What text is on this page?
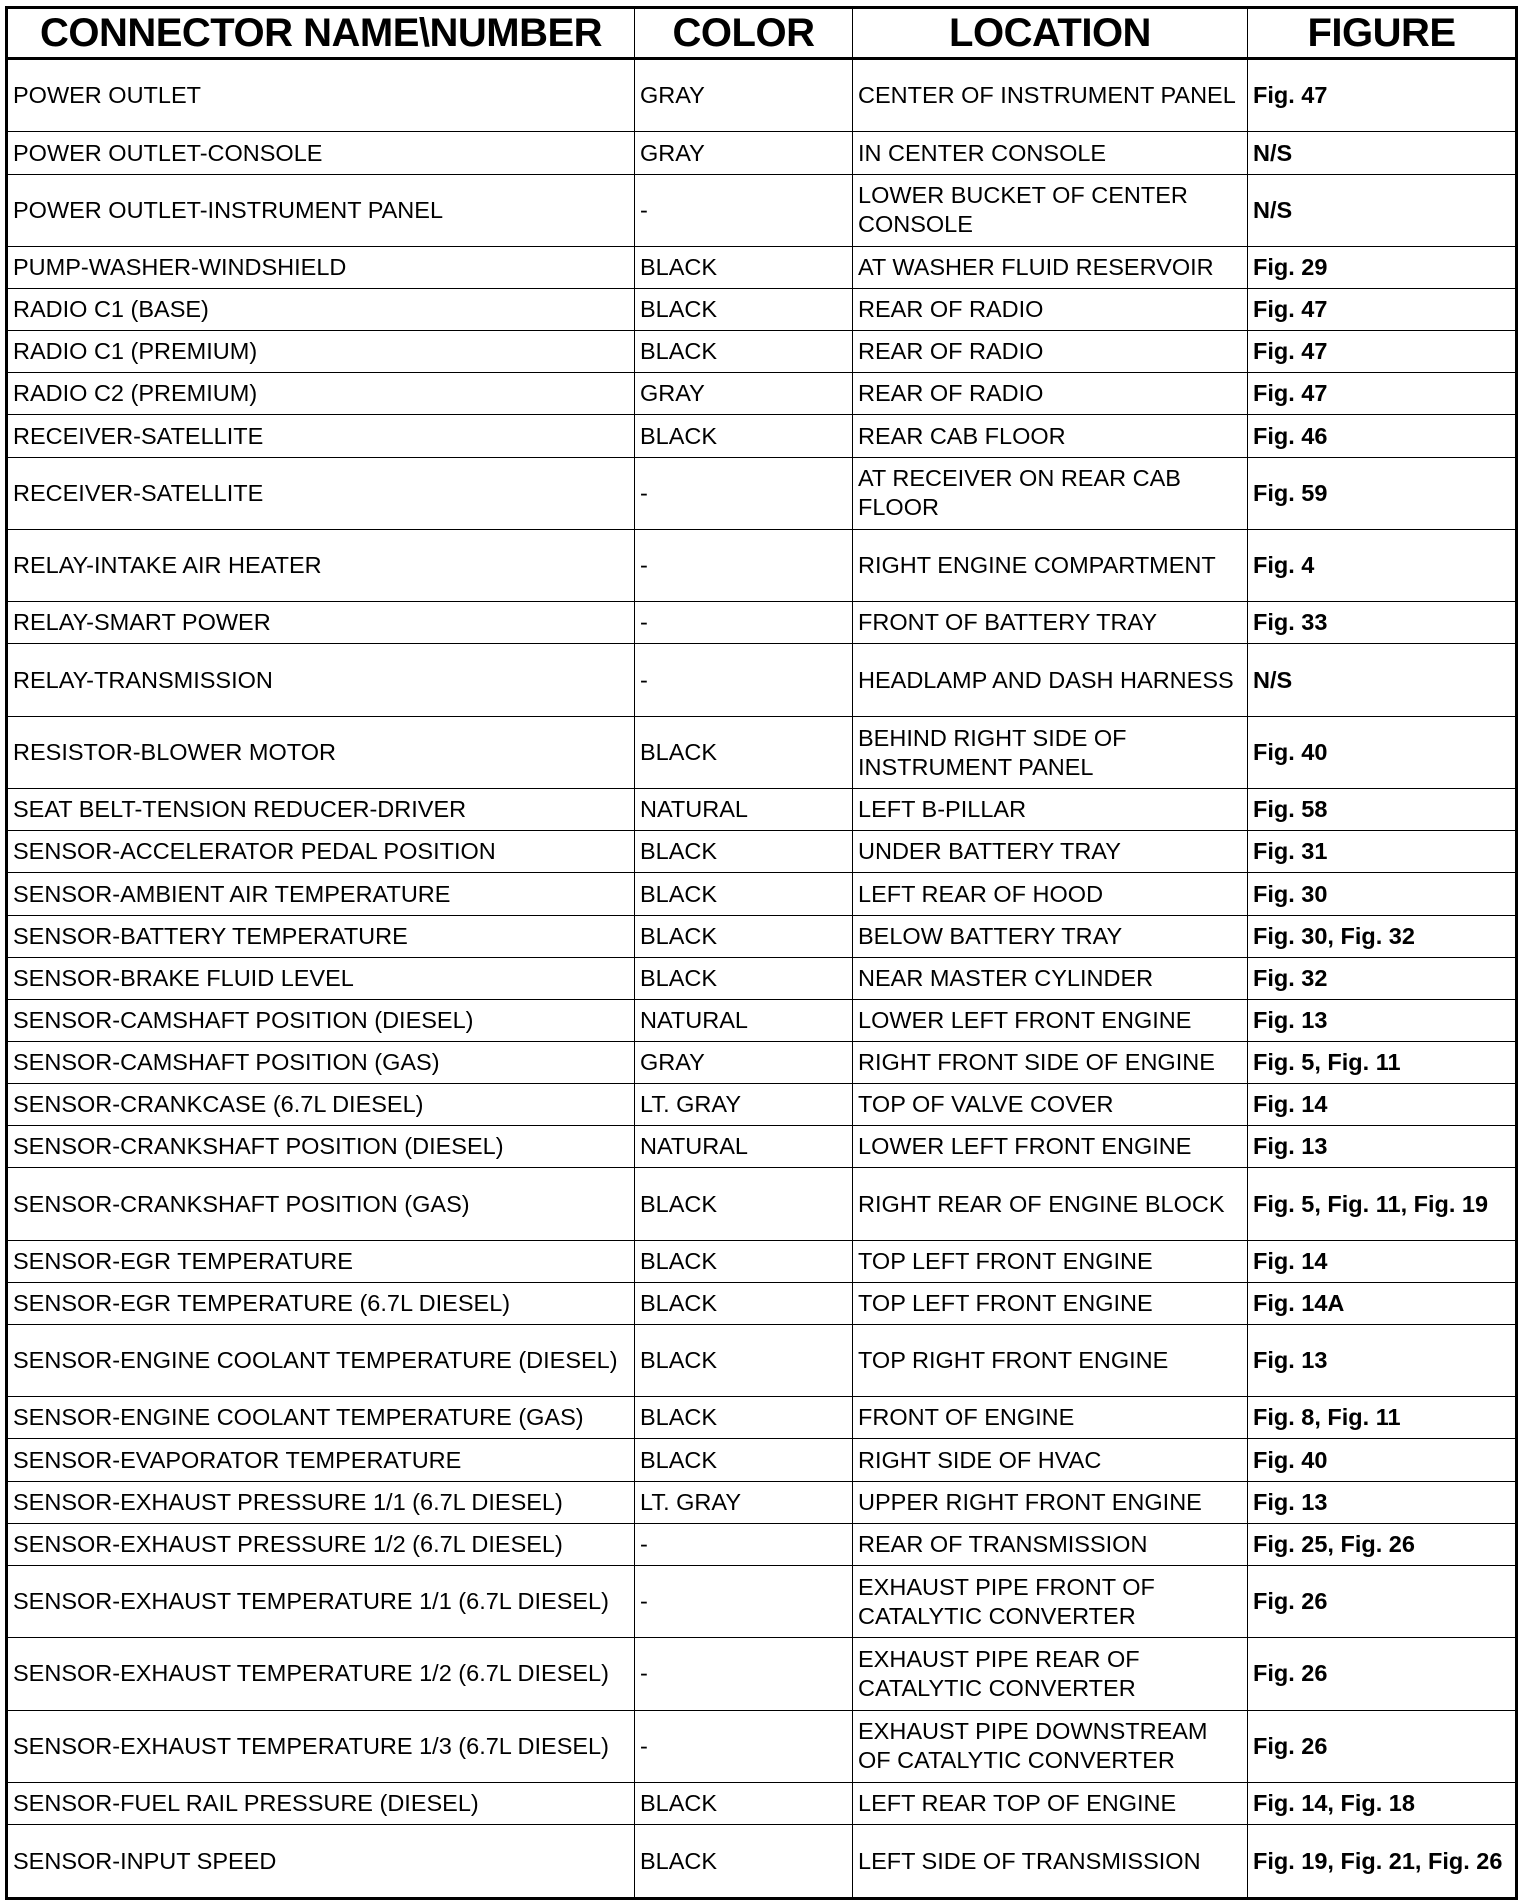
CONNECTOR NAME\NUMBER	COLOR	LOCATION	FIGURE
POWER OUTLET	GRAY	CENTER OF INSTRUMENT PANEL	Fig. 47
POWER OUTLET-CONSOLE	GRAY	IN CENTER CONSOLE	N/S
POWER OUTLET-INSTRUMENT PANEL	-	LOWER BUCKET OF CENTER CONSOLE	N/S
PUMP-WASHER-WINDSHIELD	BLACK	AT WASHER FLUID RESERVOIR	Fig. 29
RADIO C1 (BASE)	BLACK	REAR OF RADIO	Fig. 47
RADIO C1 (PREMIUM)	BLACK	REAR OF RADIO	Fig. 47
RADIO C2 (PREMIUM)	GRAY	REAR OF RADIO	Fig. 47
RECEIVER-SATELLITE	BLACK	REAR CAB FLOOR	Fig. 46
RECEIVER-SATELLITE	-	AT RECEIVER ON REAR CAB FLOOR	Fig. 59
RELAY-INTAKE AIR HEATER	-	RIGHT ENGINE COMPARTMENT	Fig. 4
RELAY-SMART POWER	-	FRONT OF BATTERY TRAY	Fig. 33
RELAY-TRANSMISSION	-	HEADLAMP AND DASH HARNESS	N/S
RESISTOR-BLOWER MOTOR	BLACK	BEHIND RIGHT SIDE OF INSTRUMENT PANEL	Fig. 40
SEAT BELT-TENSION REDUCER-DRIVER	NATURAL	LEFT B-PILLAR	Fig. 58
SENSOR-ACCELERATOR PEDAL POSITION	BLACK	UNDER BATTERY TRAY	Fig. 31
SENSOR-AMBIENT AIR TEMPERATURE	BLACK	LEFT REAR OF HOOD	Fig. 30
SENSOR-BATTERY TEMPERATURE	BLACK	BELOW BATTERY TRAY	Fig. 30, Fig. 32
SENSOR-BRAKE FLUID LEVEL	BLACK	NEAR MASTER CYLINDER	Fig. 32
SENSOR-CAMSHAFT POSITION (DIESEL)	NATURAL	LOWER LEFT FRONT ENGINE	Fig. 13
SENSOR-CAMSHAFT POSITION (GAS)	GRAY	RIGHT FRONT SIDE OF ENGINE	Fig. 5, Fig. 11
SENSOR-CRANKCASE (6.7L DIESEL)	LT. GRAY	TOP OF VALVE COVER	Fig. 14
SENSOR-CRANKSHAFT POSITION (DIESEL)	NATURAL	LOWER LEFT FRONT ENGINE	Fig. 13
SENSOR-CRANKSHAFT POSITION (GAS)	BLACK	RIGHT REAR OF ENGINE BLOCK	Fig. 5, Fig. 11, Fig. 19
SENSOR-EGR TEMPERATURE	BLACK	TOP LEFT FRONT ENGINE	Fig. 14
SENSOR-EGR TEMPERATURE (6.7L DIESEL)	BLACK	TOP LEFT FRONT ENGINE	Fig. 14A
SENSOR-ENGINE COOLANT TEMPERATURE (DIESEL)	BLACK	TOP RIGHT FRONT ENGINE	Fig. 13
SENSOR-ENGINE COOLANT TEMPERATURE (GAS)	BLACK	FRONT OF ENGINE	Fig. 8, Fig. 11
SENSOR-EVAPORATOR TEMPERATURE	BLACK	RIGHT SIDE OF HVAC	Fig. 40
SENSOR-EXHAUST PRESSURE 1/1 (6.7L DIESEL)	LT. GRAY	UPPER RIGHT FRONT ENGINE	Fig. 13
SENSOR-EXHAUST PRESSURE 1/2 (6.7L DIESEL)	-	REAR OF TRANSMISSION	Fig. 25, Fig. 26
SENSOR-EXHAUST TEMPERATURE 1/1 (6.7L DIESEL)	-	EXHAUST PIPE FRONT OF CATALYTIC CONVERTER	Fig. 26
SENSOR-EXHAUST TEMPERATURE 1/2 (6.7L DIESEL)	-	EXHAUST PIPE REAR OF CATALYTIC CONVERTER	Fig. 26
SENSOR-EXHAUST TEMPERATURE 1/3 (6.7L DIESEL)	-	EXHAUST PIPE DOWNSTREAM OF CATALYTIC CONVERTER	Fig. 26
SENSOR-FUEL RAIL PRESSURE (DIESEL)	BLACK	LEFT REAR TOP OF ENGINE	Fig. 14, Fig. 18
SENSOR-INPUT SPEED	BLACK	LEFT SIDE OF TRANSMISSION	Fig. 19, Fig. 21, Fig. 26
